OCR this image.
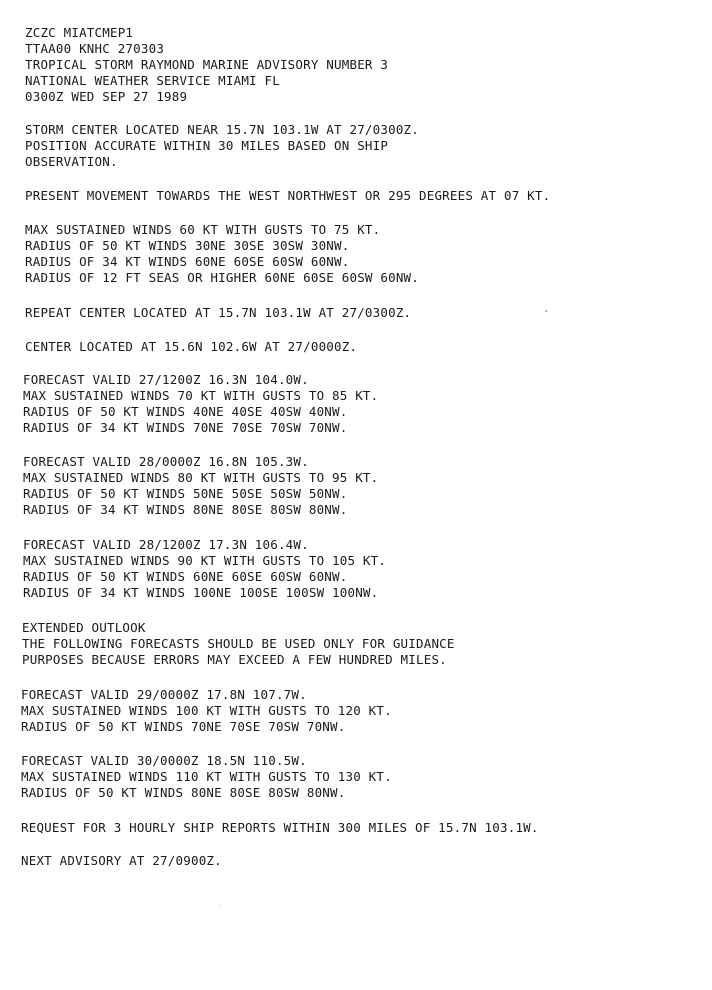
ZCZC MIATCMEP1
TTAA00 KNHC 270303
TROPICAL STORM RAYMOND MARINE ADVISORY NUMBER 3
NATIONAL WEATHER SERVICE MIAMI FL
0300Z WED SEP 27 1989
STORM CENTER LOCATED NEAR 15.7N 103.1W AT 27/0300Z.
POSITION ACCURATE WITHIN 30 MILES BASED ON SHIP
OBSERVATION.
PRESENT MOVEMENT TOWARDS THE WEST NORTHWEST OR 295 DEGREES AT 07 KT.
MAX SUSTAINED WINDS 60 KT WITH GUSTS TO 75 KT.
RADIUS OF 50 KT WINDS 30NE 30SE 30SW 30NW.
RADIUS OF 34 KT WINDS 60NE 60SE 60SW 60NW.
RADIUS OF 12 FT SEAS OR HIGHER 60NE 60SE 60SW 60NW.
REPEAT CENTER LOCATED AT 15.7N 103.1W AT 27/0300Z.
CENTER LOCATED AT 15.6N 102.6W AT 27/0000Z.
FORECAST VALID 27/1200Z 16.3N 104.0W.
MAX SUSTAINED WINDS 70 KT WITH GUSTS TO 85 KT.
RADIUS OF 50 KT WINDS 40NE 40SE 40SW 40NW.
RADIUS OF 34 KT WINDS 70NE 70SE 70SW 70NW.
FORECAST VALID 28/0000Z 16.8N 105.3W.
MAX SUSTAINED WINDS 80 KT WITH GUSTS TO 95 KT.
RADIUS OF 50 KT WINDS 50NE 50SE 50SW 50NW.
RADIUS OF 34 KT WINDS 80NE 80SE 80SW 80NW.
FORECAST VALID 28/1200Z 17.3N 106.4W.
MAX SUSTAINED WINDS 90 KT WITH GUSTS TO 105 KT.
RADIUS OF 50 KT WINDS 60NE 60SE 60SW 60NW.
RADIUS OF 34 KT WINDS 100NE 100SE 100SW 100NW.
EXTENDED OUTLOOK
THE FOLLOWING FORECASTS SHOULD BE USED ONLY FOR GUIDANCE
PURPOSES BECAUSE ERRORS MAY EXCEED A FEW HUNDRED MILES.
FORECAST VALID 29/0000Z 17.8N 107.7W.
MAX SUSTAINED WINDS 100 KT WITH GUSTS TO 120 KT.
RADIUS OF 50 KT WINDS 70NE 70SE 70SW 70NW.
FORECAST VALID 30/0000Z 18.5N 110.5W.
MAX SUSTAINED WINDS 110 KT WITH GUSTS TO 130 KT.
RADIUS OF 50 KT WINDS 80NE 80SE 80SW 80NW.
REQUEST FOR 3 HOURLY SHIP REPORTS WITHIN 300 MILES OF 15.7N 103.1W.
NEXT ADVISORY AT 27/0900Z.
